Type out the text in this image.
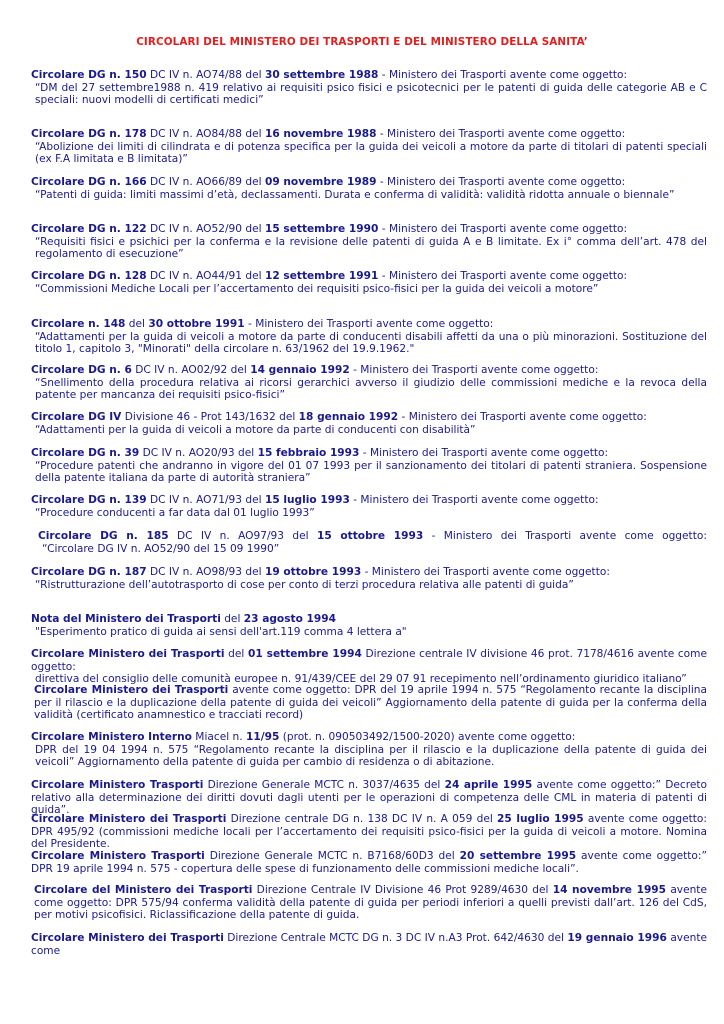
CIRCOLARI DEL MINISTERO DEI TRASPORTI E DEL MINISTERO DELLA SANITA’

Circolare DG n. 150 DC IV n. AO74/88 del 30 settembre 1988 - Ministero dei Trasporti avente come oggetto:

“DM del 27 settembre1988 n. 419 relativo ai requisiti psico fisici e psicotecnici per le patenti di guida delle categorie AB e C speciali: nuovi modelli di certificati medici”

Circolare DG n. 178 DC IV n. AO84/88 del 16 novembre 1988 - Ministero dei Trasporti avente come oggetto:

“Abolizione dei limiti di cilindrata e di potenza specifica per la guida dei veicoli a motore da parte di titolari di patenti speciali (ex F.A limitata e B limitata)”

Circolare DG n. 166 DC IV n. AO66/89 del 09 novembre 1989 - Ministero dei Trasporti avente come oggetto:

“Patenti di guida: limiti massimi d’età, declassamenti. Durata e conferma di validità: validità ridotta annuale o biennale”

Circolare DG n. 122 DC IV n. AO52/90 del 15 settembre 1990 - Ministero dei Trasporti avente come oggetto:

“Requisiti fisici e psichici per la conferma e la revisione delle patenti di guida A e B limitate. Ex i° comma dell’art. 478 del regolamento di esecuzione”

Circolare DG n. 128 DC IV n. AO44/91 del 12 settembre 1991 - Ministero dei Trasporti avente come oggetto:

“Commissioni Mediche Locali per l’accertamento dei requisiti psico-fisici per la guida dei veicoli a motore”

Circolare n. 148 del 30 ottobre 1991 - Ministero dei Trasporti avente come oggetto:

“Adattamenti per la guida di veicoli a motore da parte di conducenti disabili affetti da una o più minorazioni. Sostituzione del titolo 1, capitolo 3, "Minorati" della circolare n. 63/1962 del 19.9.1962."

Circolare DG n. 6 DC IV n. AO02/92 del 14 gennaio 1992 - Ministero dei Trasporti avente come oggetto:

“Snellimento della procedura relativa ai ricorsi gerarchici avverso il giudizio delle commissioni mediche e la revoca della patente per mancanza dei requisiti psico-fisici”

Circolare DG IV Divisione 46 - Prot 143/1632 del 18 gennaio 1992 - Ministero dei Trasporti avente come oggetto:

“Adattamenti per la guida di veicoli a motore da parte di conducenti con disabilità”

Circolare DG n. 39 DC IV n. AO20/93 del 15 febbraio 1993 - Ministero dei Trasporti avente come oggetto:

“Procedure patenti che andranno in vigore del 01 07 1993 per il sanzionamento dei titolari di patenti straniera. Sospensione della patente italiana da parte di autorità straniera”

Circolare DG n. 139 DC IV n. AO71/93 del 15 luglio 1993 - Ministero dei Trasporti avente come oggetto:

“Procedure conducenti a far data dal 01 luglio 1993”

Circolare DG n. 185 DC IV n. AO97/93 del 15 ottobre 1993 - Ministero dei Trasporti avente come oggetto:

“Circolare DG IV n. AO52/90 del 15 09 1990”

Circolare DG n. 187 DC IV n. AO98/93 del 19 ottobre 1993 - Ministero dei Trasporti avente come oggetto:

“Ristrutturazione dell’autotrasporto di cose per conto di terzi procedura relativa alle patenti di guida”

Nota del Ministero dei Trasporti del 23 agosto 1994

"Esperimento pratico di guida ai sensi dell'art.119 comma 4 lettera a"

Circolare Ministero dei Trasporti del 01 settembre 1994 Direzione centrale IV divisione 46 prot. 7178/4616 avente come oggetto:

direttiva del consiglio delle comunità europee n. 91/439/CEE del 29 07 91 recepimento nell’ordinamento giuridico italiano”

Circolare Ministero dei Trasporti avente come oggetto: DPR del 19 aprile 1994 n. 575 “Regolamento recante la disciplina per il rilascio e la duplicazione della patente di guida dei veicoli” Aggiornamento della patente di guida per la conferma della validità (certificato anamnestico e tracciati record)

Circolare Ministero Interno Miacel n. 11/95 (prot. n. 090503492/1500-2020) avente come oggetto:

DPR del 19 04 1994 n. 575 “Regolamento recante la disciplina per il rilascio e la duplicazione della patente di guida dei veicoli” Aggiornamento della patente di guida per cambio di residenza o di abitazione.

Circolare Ministero Trasporti Direzione Generale MCTC n. 3037/4635 del 24 aprile 1995 avente come oggetto:” Decreto relativo alla determinazione dei diritti dovuti dagli utenti per le operazioni di competenza delle CML in materia di patenti di guida”.

Circolare Ministero dei Trasporti Direzione centrale DG n. 138 DC IV n. A 059 del 25 luglio 1995 avente come oggetto: DPR 495/92 (commissioni mediche locali per l’accertamento dei requisiti psico-fisici per la guida di veicoli a motore. Nomina del Presidente.

Circolare Ministero Trasporti Direzione Generale MCTC n. B7168/60D3 del 20 settembre 1995 avente come oggetto:” DPR 19 aprile 1994 n. 575 - copertura delle spese di funzionamento delle commissioni mediche locali”.

Circolare del Ministero dei Trasporti Direzione Centrale IV Divisione 46 Prot 9289/4630 del 14 novembre 1995 avente come oggetto: DPR 575/94 conferma validità della patente di guida per periodi inferiori a quelli previsti dall’art. 126 del CdS, per motivi psicofisici. Riclassificazione della patente di guida.

Circolare Ministero dei Trasporti Direzione Centrale MCTC DG n. 3 DC IV n.A3 Prot. 642/4630 del 19 gennaio 1996 avente come
